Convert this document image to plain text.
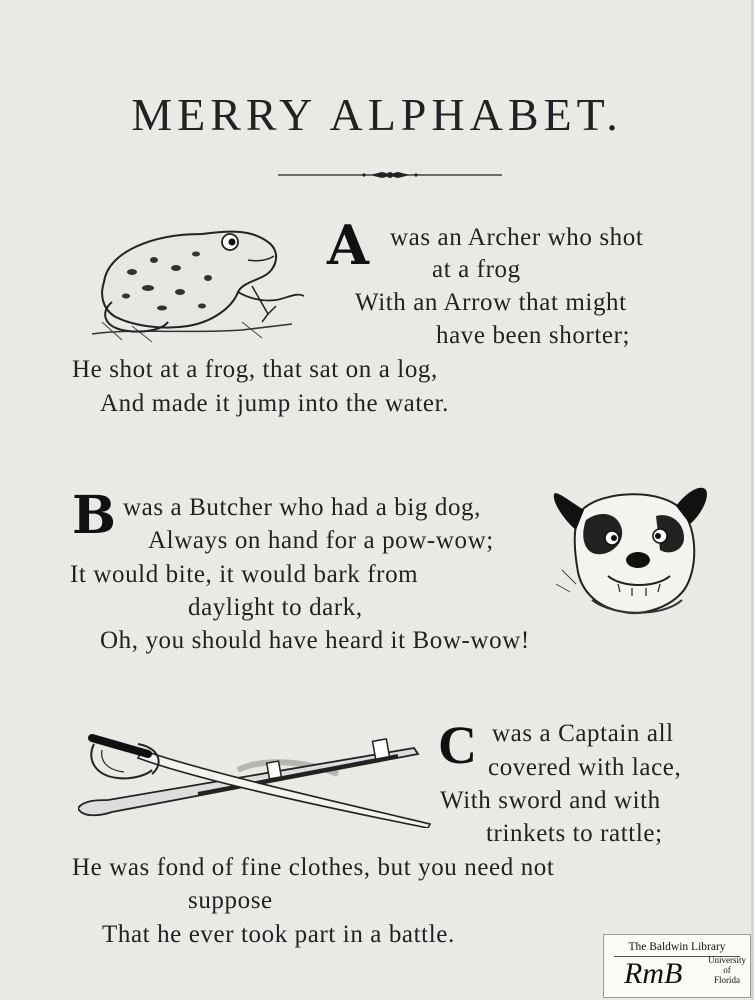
MERRY ALPHABET.
A was an Archer who shot
at a frog
With an Arrow that might
have been shorter;
He shot at a frog, that sat on a log,
And made it jump into the water.
B was a Butcher who had a big dog,
Always on hand for a pow-wow;
It would bite, it would bark from
daylight to dark,
Oh, you should have heard it Bow-wow!
C was a Captain all
covered with lace,
With sword and with
trinkets to rattle;
He was fond of fine clothes, but you need not
suppose
That he ever took part in a battle.	The Baldwin Library
RmB	University
of
Florida
